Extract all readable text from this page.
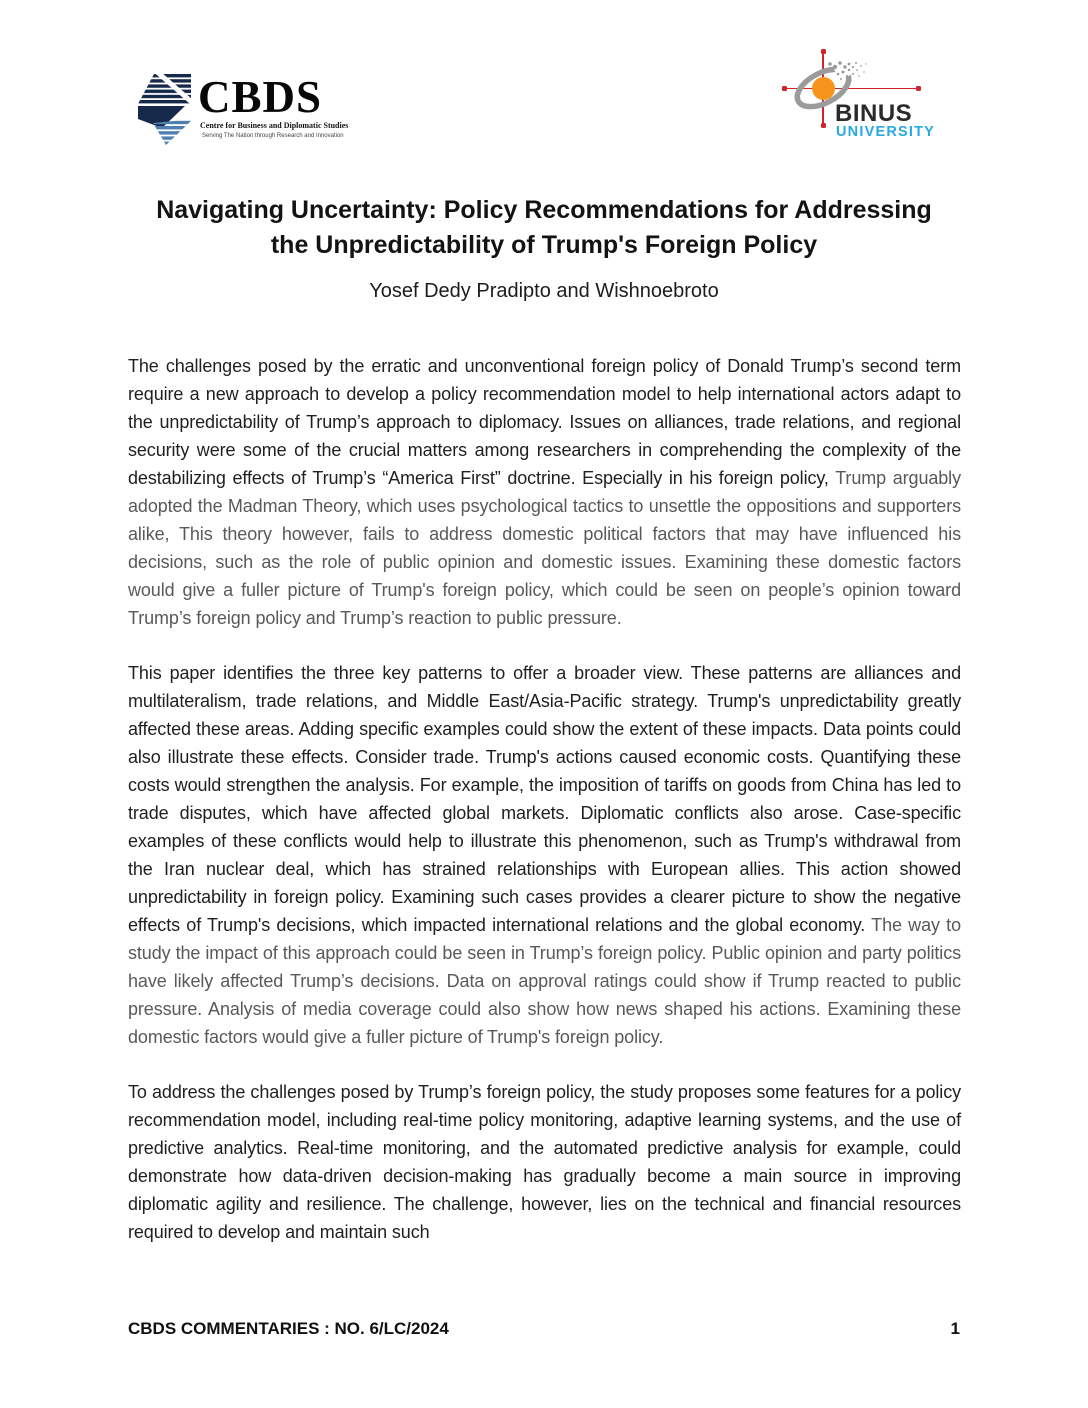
CBDS
Centre for Business and Diplomatic Studies
Serving The Nation through Research and Innovation
BINUS
UNIVERSITY
Navigating Uncertainty: Policy Recommendations for Addressing
the Unpredictability of Trump's Foreign Policy
Yosef Dedy Pradipto and Wishnoebroto

The challenges posed by the erratic and unconventional foreign policy of Donald Trump’s second term require a new approach to develop a policy recommendation model to help international actors adapt to the unpredictability of Trump’s approach to diplomacy. Issues on alliances, trade relations, and regional security were some of the crucial matters among researchers in comprehending the complexity of the destabilizing effects of Trump’s “America First” doctrine. Especially in his foreign policy, Trump arguably adopted the Madman Theory, which uses psychological tactics to unsettle the oppositions and supporters alike, This theory however, fails to address domestic political factors that may have influenced his decisions, such as the role of public opinion and domestic issues. Examining these domestic factors would give a fuller picture of Trump's foreign policy, which could be seen on people’s opinion toward Trump’s foreign policy and Trump’s reaction to public pressure.

This paper identifies the three key patterns to offer a broader view. These patterns are alliances and multilateralism, trade relations, and Middle East/Asia-Pacific strategy. Trump's unpredictability greatly affected these areas. Adding specific examples could show the extent of these impacts. Data points could also illustrate these effects. Consider trade. Trump's actions caused economic costs. Quantifying these costs would strengthen the analysis. For example, the imposition of tariffs on goods from China has led to trade disputes, which have affected global markets. Diplomatic conflicts also arose. Case-specific examples of these conflicts would help to illustrate this phenomenon, such as Trump's withdrawal from the Iran nuclear deal, which has strained relationships with European allies. This action showed unpredictability in foreign policy. Examining such cases provides a clearer picture to show the negative effects of Trump's decisions, which impacted international relations and the global economy. The way to study the impact of this approach could be seen in Trump’s foreign policy. Public opinion and party politics have likely affected Trump’s decisions. Data on approval ratings could show if Trump reacted to public pressure. Analysis of media coverage could also show how news shaped his actions. Examining these domestic factors would give a fuller picture of Trump's foreign policy.

To address the challenges posed by Trump’s foreign policy, the study proposes some features for a policy recommendation model, including real-time policy monitoring, adaptive learning systems, and the use of predictive analytics. Real-time monitoring, and the automated predictive analysis for example, could demonstrate how data-driven decision-making has gradually become a main source in improving diplomatic agility and resilience. The challenge, however, lies on the technical and financial resources required to develop and maintain such

CBDS COMMENTARIES : NO. 6/LC/2024	1
